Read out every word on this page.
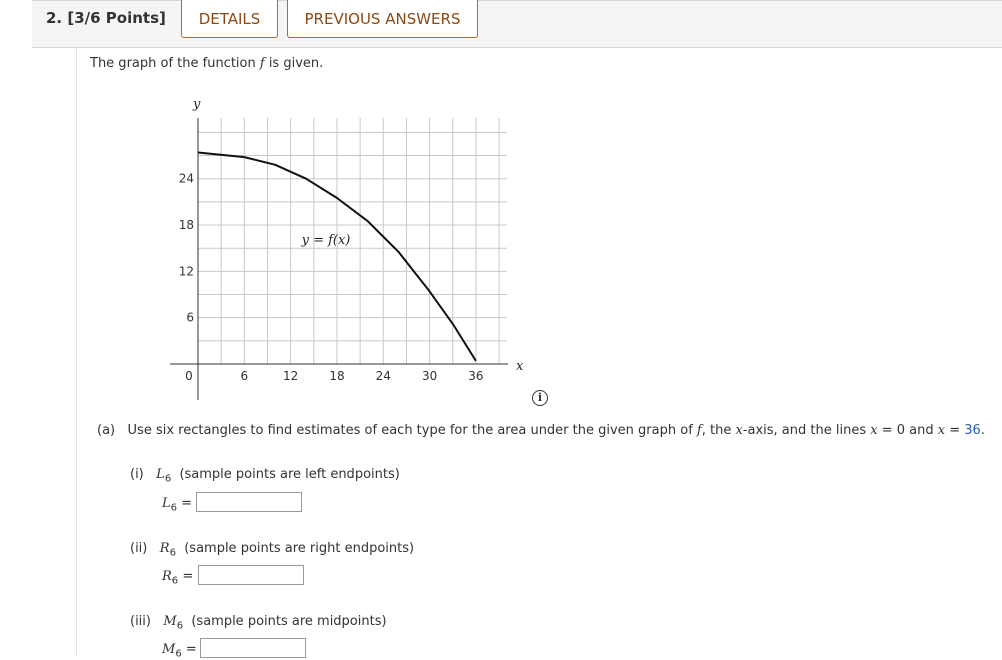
2. [3/6 Points]	DETAILS	PREVIOUS ANSWERS
The graph of the function f is given.
x
y
0	6	12	18	24	30	36
6
12
18
24
y = f(x)
i
(a) Use six rectangles to find estimates of each type for the area under the given graph of f, the x-axis, and the lines x = 0 and x = 36.
(i) $L_6$ (sample points are left endpoints)
$L_6$ =
(ii) $R_6$ (sample points are right endpoints)
$R_6$ =
(iii) $M_6$ (sample points are midpoints)
$M_6$ =
